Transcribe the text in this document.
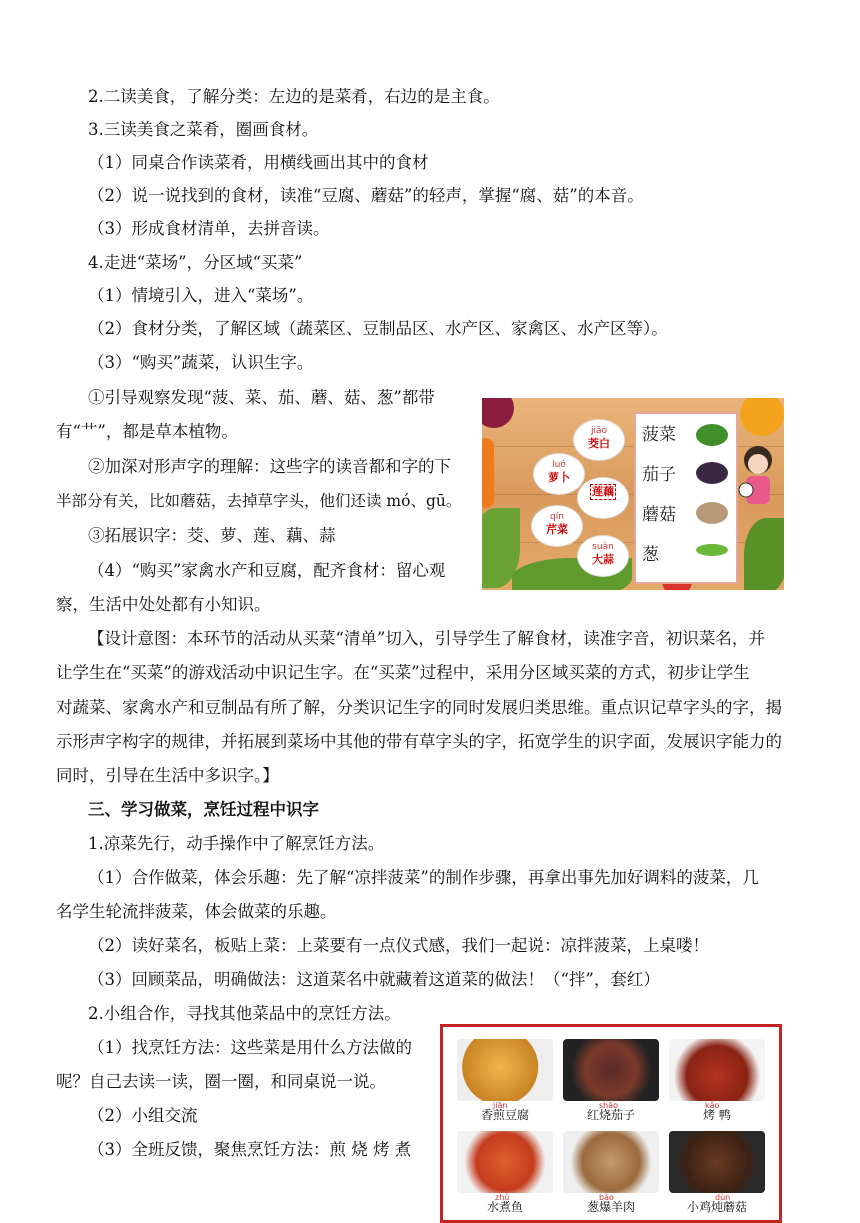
2.二读美食，了解分类：左边的是菜肴，右边的是主食。
3.三读美食之菜肴，圈画食材。
（1）同桌合作读菜肴，用横线画出其中的食材
（2）说一说找到的食材，读准“豆腐、蘑菇”的轻声，掌握“腐、菇”的本音。
（3）形成食材清单，去拼音读。
4.走进“菜场”，分区域“买菜”
（1）情境引入，进入“菜场”。
（2）食材分类，了解区域（蔬菜区、豆制品区、水产区、家禽区、水产区等）。
（3）“购买”蔬菜，认识生字。
①引导观察发现“菠、菜、茄、蘑、菇、葱”都带
有“艹”，都是草本植物。
②加深对形声字的理解：这些字的读音都和字的下
半部分有关，比如蘑菇，去掉草字头，他们还读 mó、gū。
③拓展识字：茭、萝、莲、藕、蒜
（4）“购买”家禽水产和豆腐，配齐食材：留心观
察，生活中处处都有小知识。
【设计意图：本环节的活动从买菜“清单”切入，引导学生了解食材，读准字音，初识菜名，并
让学生在“买菜”的游戏活动中识记生字。在“买菜”过程中，采用分区域买菜的方式，初步让学生
对蔬菜、家禽水产和豆制品有所了解，分类识记生字的同时发展归类思维。重点识记草字头的字，揭
示形声字构字的规律，并拓展到菜场中其他的带有草字头的字，拓宽学生的识字面，发展识字能力的
同时，引导在生活中多识字。】
三、学习做菜，烹饪过程中识字
1.凉菜先行，动手操作中了解烹饪方法。
（1）合作做菜，体会乐趣：先了解“凉拌菠菜”的制作步骤，再拿出事先加好调料的菠菜，几
名学生轮流拌菠菜，体会做菜的乐趣。
（2）读好菜名，板贴上菜：上菜要有一点仪式感，我们一起说：凉拌菠菜，上桌喽！
（3）回顾菜品，明确做法：这道菜名中就藏着这道菜的做法！（“拌”，套红）
2.小组合作，寻找其他菜品中的烹饪方法。
（1）找烹饪方法：这些菜是用什么方法做的
呢？自己去读一读，圈一圈，和同桌说一说。
（2）小组交流
（3）全班反馈，聚焦烹饪方法：煎 烧 烤 煮
jiāo
茭白
luó
萝卜
莲藕
qín
芹菜
suàn
大蒜
菠菜
茄子
蘑菇
葱
jiān
香煎豆腐
shāo
红烧茄子
kǎo
烤 鸭
zhǔ
水煮鱼
bào
葱爆羊肉
dùn
小鸡炖蘑菇
